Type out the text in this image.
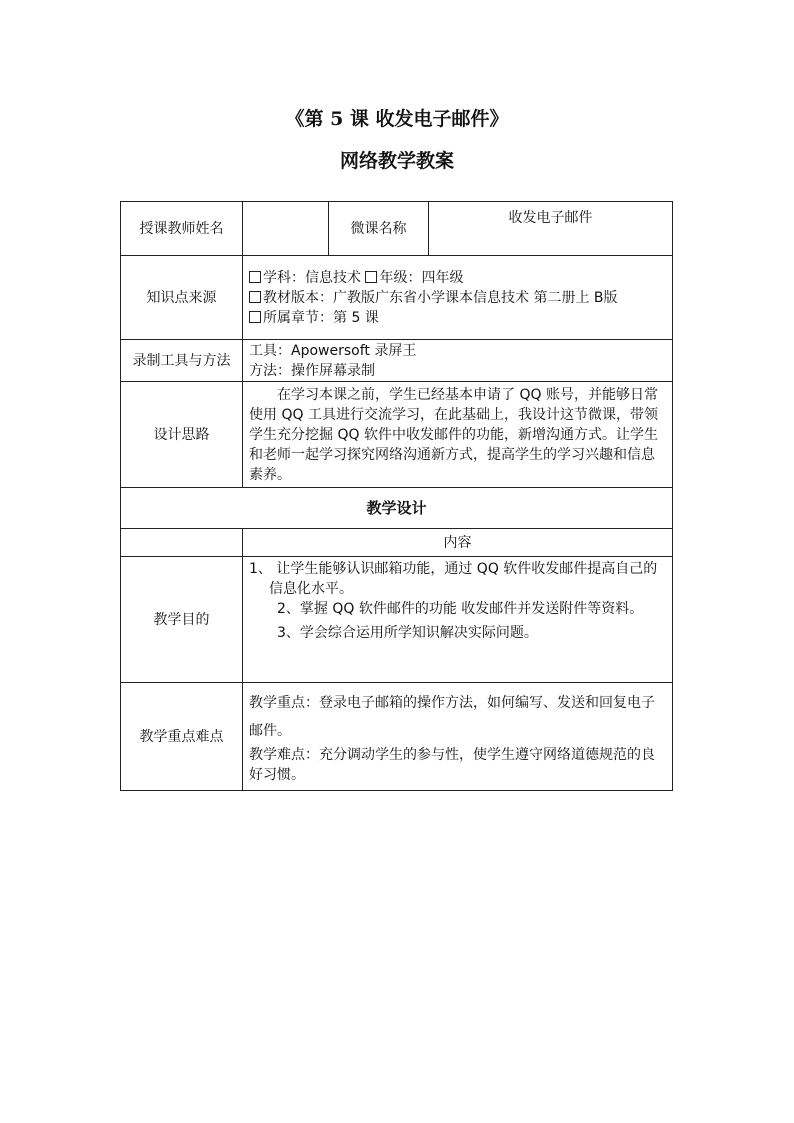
《第 5 课 收发电子邮件》
网络教学教案
授课教师姓名		微课名称	收发电子邮件
知识点来源	学科：信息技术 年级：四年级
教材版本：广教版广东省小学课本信息技术 第二册上 B版
所属章节：第 5 课		

录制工具与方法	工具：Apowersoft 录屏王
方法：操作屏幕录制		

设计思路	在学习本课之前，学生已经基本申请了 QQ 账号，并能够日常使用 QQ 工具进行交流学习，在此基础上，我设计这节微课，带领学生充分挖掘 QQ 软件中收发邮件的功能，新增沟通方式。让学生和老师一起学习探究网络沟通新方式，提高学生的学习兴趣和信息素养。		
教学设计			
	内容		
教学目的	1、 让学生能够认识邮箱功能，通过 QQ 软件收发邮件提高自己的信息化水平。
2、掌握 QQ 软件邮件的功能 收发邮件并发送附件等资料。
3、学会综合运用所学知识解决实际问题。		

教学重点难点	教学重点：登录电子邮箱的操作方法，如何编写、发送和回复电子邮件。
教学难点：充分调动学生的参与性，使学生遵守网络道德规范的良好习惯。		
